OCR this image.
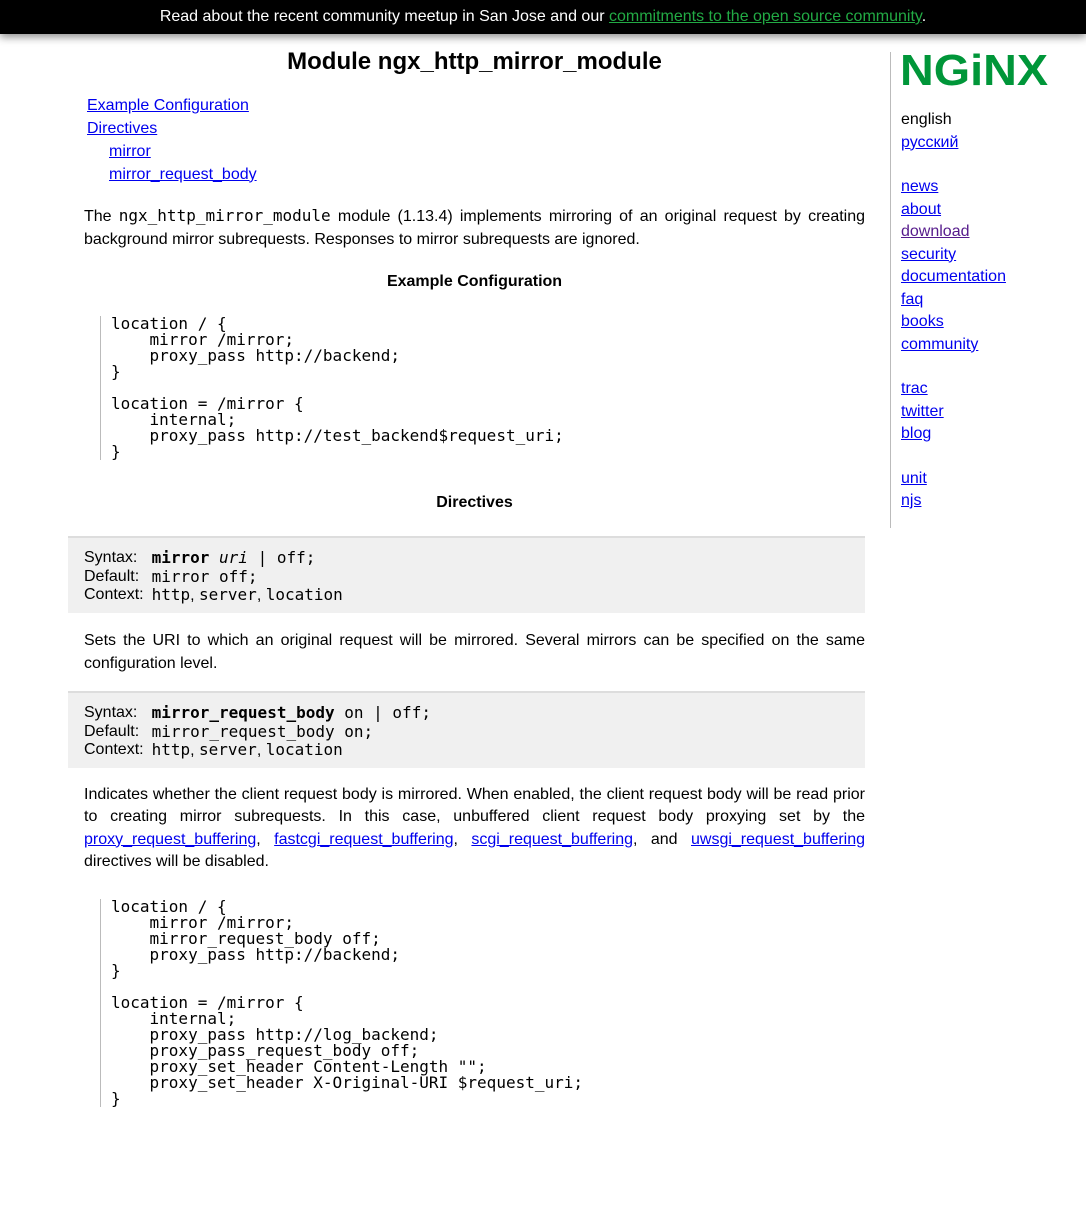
Read about the recent community meetup in San Jose and our commitments to the open source community.
Module ngx_http_mirror_module
Example Configuration
Directives
mirror
mirror_request_body

The ngx_http_mirror_module module (1.13.4) implements mirroring of an original request by creating background mirror subrequests. Responses to mirror subrequests are ignored.

Example Configuration
location / {
mirror /mirror;
proxy_pass http://backend;
}

location = /mirror {
internal;
proxy_pass http://test_backend$request_uri;
}
Directives
Syntax:	mirror uri | off;
Default:	mirror off;
Context:	http, server, location

Sets the URI to which an original request will be mirrored. Several mirrors can be specified on the same configuration level.

Syntax:	mirror_request_body on | off;
Default:	mirror_request_body on;
Context:	http, server, location

Indicates whether the client request body is mirrored. When enabled, the client request body will be read prior to creating mirror subrequests. In this case, unbuffered client request body proxying set by the proxy_request_buffering, fastcgi_request_buffering, scgi_request_buffering, and uwsgi_request_buffering directives will be disabled.

location / {
mirror /mirror;
mirror_request_body off;
proxy_pass http://backend;
}

location = /mirror {
internal;
proxy_pass http://log_backend;
proxy_pass_request_body off;
proxy_set_header Content-Length "";
proxy_set_header X-Original-URI $request_uri;
}
NGiNX
english
русский
news
about
download
security
documentation
faq
books
community
trac
twitter
blog
unit
njs
